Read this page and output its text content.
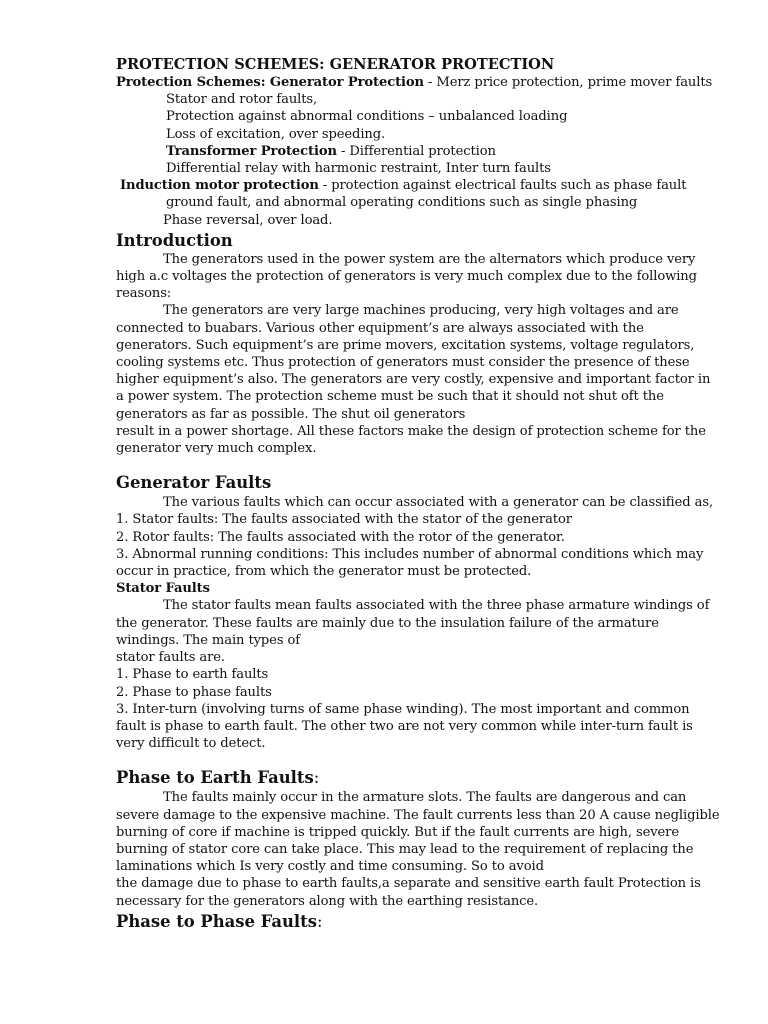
PROTECTION SCHEMES: GENERATOR PROTECTION
Protection Schemes: Generator Protection - Merz price protection, prime mover faults
Stator and rotor faults,
Protection against abnormal conditions – unbalanced loading
Loss of excitation, over speeding.
Transformer Protection - Differential protection
Differential relay with harmonic restraint, Inter turn faults
Induction motor protection - protection against electrical faults such as phase fault
ground fault, and abnormal operating conditions such as single phasing
Phase reversal, over load.
Introduction
The generators used in the power system are the alternators which produce very
high a.c voltages the protection of generators is very much complex due to the following
reasons:
The generators are very large machines producing, very high voltages and are
connected to buabars. Various other equipment’s are always associated with the
generators. Such equipment’s are prime movers, excitation systems, voltage regulators,
cooling systems etc. Thus protection of generators must consider the presence of these
higher equipment’s also. The generators are very costly, expensive and important factor in
a power system. The protection scheme must be such that it should not shut oft the
generators as far as possible. The shut oil generators
result in a power shortage. All these factors make the design of protection scheme for the
generator very much complex.
Generator Faults
The various faults which can occur associated with a generator can be classified as,
1. Stator faults: The faults associated with the stator of the generator
2. Rotor faults: The faults associated with the rotor of the generator.
3. Abnormal running conditions: This includes number of abnormal conditions which may
occur in practice, from which the generator must be protected.
Stator Faults
The stator faults mean faults associated with the three phase armature windings of
the generator. These faults are mainly due to the insulation failure of the armature
windings. The main types of
stator faults are.
1. Phase to earth faults
2. Phase to phase faults
3. Inter-turn (involving turns of same phase winding). The most important and common
fault is phase to earth fault. The other two are not very common while inter-turn fault is
very difficult to detect.
Phase to Earth Faults:
The faults mainly occur in the armature slots. The faults are dangerous and can
severe damage to the expensive machine. The fault currents less than 20 A cause negligible
burning of core if machine is tripped quickly. But if the fault currents are high, severe
burning of stator core can take place. This may lead to the requirement of replacing the
laminations which Is very costly and time consuming. So to avoid
the damage due to phase to earth faults,a separate and sensitive earth fault Protection is
necessary for the generators along with the earthing resistance.
Phase to Phase Faults:
